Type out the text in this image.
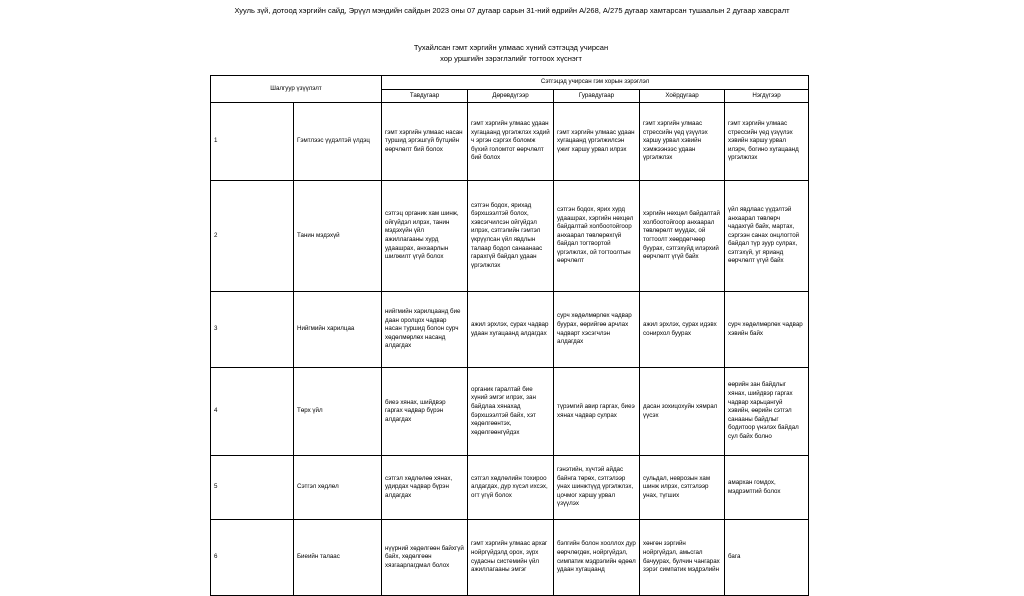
Хууль зүй, дотоод хэргийн сайд, Эрүүл мэндийн сайдын 2023 оны 07 дугаар сарын 31-ний өдрийн А/268, А/275 дугаар хамтарсан тушаалын 2 дугаар хавсралт
Тухайлсан гэмт хэргийн улмаас хүний сэтгэцэд учирсан
хор уршгийн зэрэглэлийг тогтоох хүснэгт
Шалгуур үзүүлэлт		Сэтгэцэд учирсан гэм хорын зэрэглэл				
		Тавдугаар	Дөрөвдүгээр	Гуравдугаар	Хоёрдугаар	Нэгдүгээр
1	Гэмтлээс үүдэлтэй үлдэц	гэмт хэргийн улмаас насан туршид эргэшгүй бүтцийн өөрчлөлт бий болох	гэмт хэргийн улмаас удаан хугацаанд үргэлжлэх хэдий ч эргэн сэргэх боломж бүхий голомтот өөрчлөлт бий болох	гэмт хэргийн улмаас удаан хугацаанд үргэлжилсэн үжиг харшу урвал илрэх	гэмт хэргийн улмаас стрессийн үед үзүүлэх харшу урвал хэвийн хэмжээнээс удаан үргэлжлэх	гэмт хэргийн улмаас стрессийн үед үзүүлэх хэвийн харшу урвал илэрч, богино хугацаанд үргэлжлэх
2	Танин мэдэхүй	сэтгэц органик хам шинж, ойгүйдэл илрэх, танин мэдэхүйн үйл ажиллагааны хурд удаашрах, анхаарлын шилжилт үгүй болох	сэтгэн бодох, ярихад бэрхшээлтэй болох, хэвсэгчилсэн ойгүйдэл илрэх, сэтгэлийн гэмтэл үкрүүлсан үйл явдлын талаар бодол санаанаас гарахгүй байдал удаан үргэлжлэх	сэтгэн бодох, ярих хурд удаашрах, хэргийн нөхцөл байдалтай холбоотойгоор анхаарал төвлөрөхгүй байдал тогтвортой үргэлжлэх, ой тогтоолтын өөрчлөлт	хэргийн нөхцөл байдалтай холбоотойгоор анхаарал төвлөрөлт муудах, ой тогтоолт хөөрдөгчөөр буурах, сэтгэхүйд илэрхий өөрчлөлт үгүй байх	үйл явдлаас үүдэлтэй анхаарал төвлөрч чадахгүй байх, мартах, сэргээн санах онцлогтой байдал түр зуур сулрах, сэтгэхүй, уг ярианд өөрчлөлт үгүй байх
3	Нийгмийн харилцаа	нийгмийн харилцаанд бие даан оролцох чадвар насан туршид болон сурч хөдөлмөрлөх насанд алдагдах	ажил эрхлэх, сурах чадвар удаан хугацаанд алдагдах	сурч хөдөлмөрлөх чадвар буурах, өөрийгөө арчлах чадварт хэсэгчлэн алдагдах	ажил эрхлэх, сурах идэвх сонирхол буурах	сурч хөдөлмөрлөх чадвар хэвийн байх
4	Төрх үйл	биеэ хянах, шийдвэр гаргах чадвар бүрэн алдагдах	органик гаралтай бие хүний эмгэг илрэх, зан байдлаа хянахад бэрхшээлтэй байх, хэт хөдөлгөөнтэх, хөдөлгөөнгүйдэх	түрэмгий авир гаргах, биеэ хянах чадвар сулрах	дасан зохицохуйн хямрал үүсэх	өөрийн зан байдлыг хянах, шийдвэр гаргах чадвар харьцангуй хэвийн, өөрийн сэтгэл санааны байдлыг бодитоор үнэлэх байдал сул байх болно
5	Сэтгэл хөдлөл	сэтгэл хөдлөлөө хянах, удирдах чадвар бүрэн алдагдах	сэтгэл хөдлөлийн тохироо алдагдах, дур хүсэл ихсэх, огт үгүй болох	гэнэтийн, хүчтэй айдас байнга төрөх, сэтгэлээр унах шинжтүүд үргэлжлэх, цочмог харшу урвал үзүүлэх	сульдал, неврозын хам шинж илрэх, сэтгэлээр унах, түгших	амархан гомдох, мэдрэмтгий болох
6	Биеийн талаас	нүүрний хөдөлгөөн байхгүй байх, хөдөлгөөн хязгаарлагдмал болох	гэмт хэргийн улмаас архаг нойргүйдэлд орох, зүрх судасны системийн үйл ажиллагааны эмгэг	бэлгийн болон хооллох дур өөрчлөгдөх, нойргүйдэл, симпатик мэдрэлийн өдөөл удаан хугацаанд	хөнгөн зэргийн нойргүйдэл, амьсгал бачуурах, булчин чангарах зэрэг симпатик мэдрэлийн	бага
